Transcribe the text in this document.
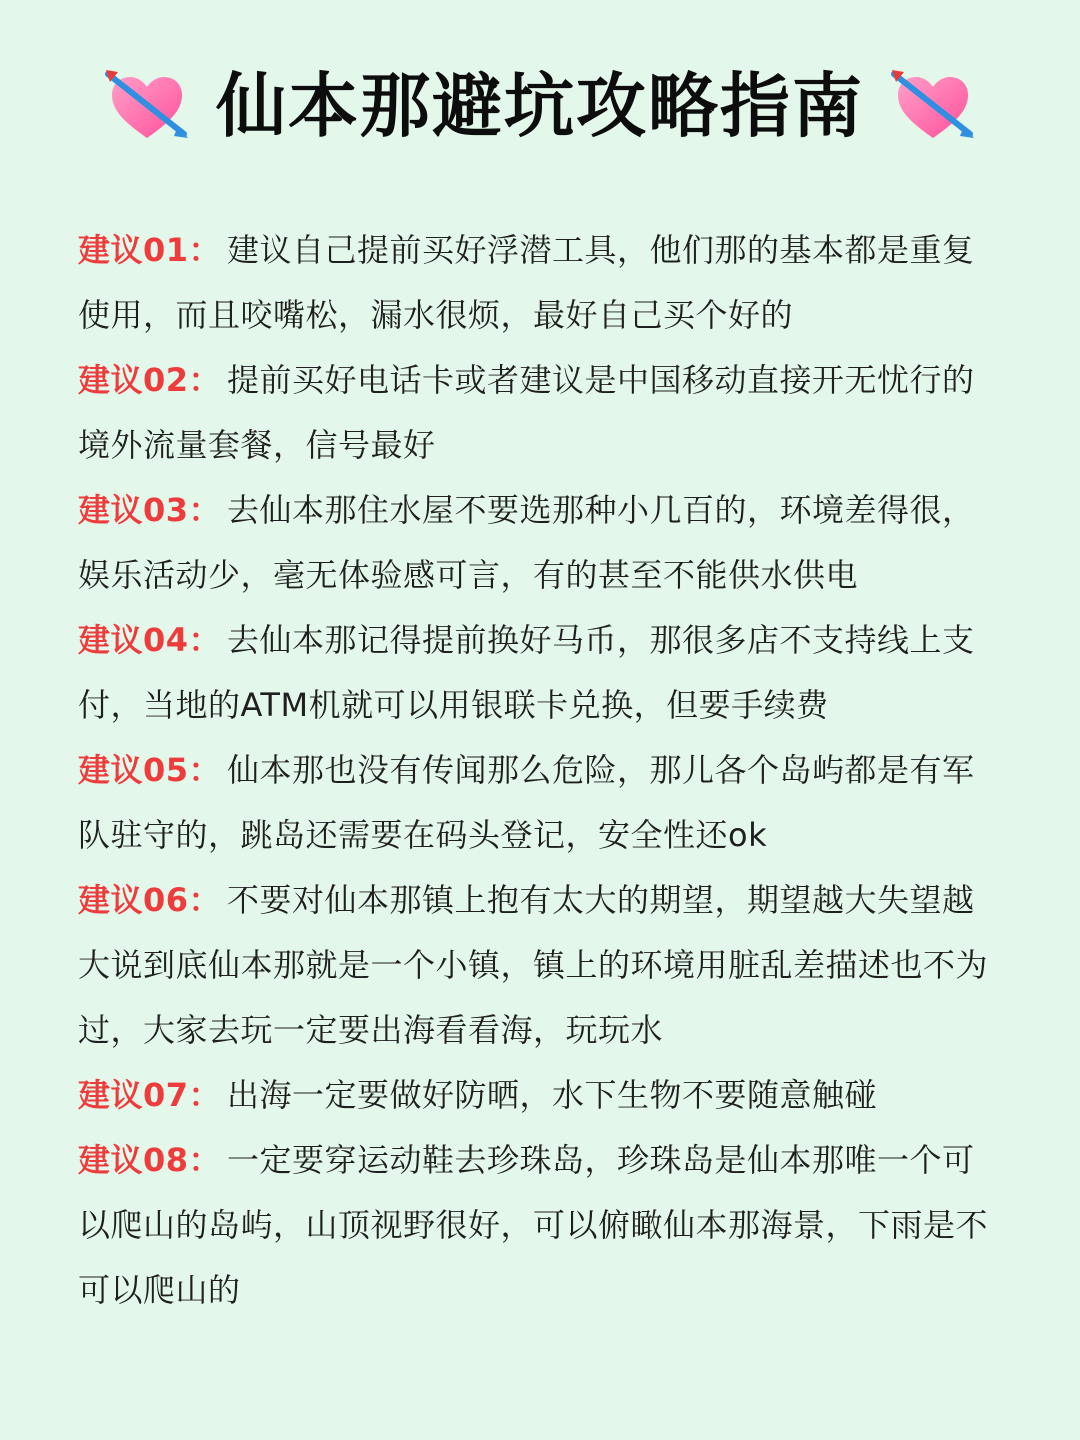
仙本那避坑攻略指南

建议01： 建议自己提前买好浮潜工具，他们那的基本都是重复使用，而且咬嘴松，漏水很烦，最好自己买个好的

建议02： 提前买好电话卡或者建议是中国移动直接开无忧行的境外流量套餐，信号最好

建议03： 去仙本那住水屋不要选那种小几百的，环境差得很，娱乐活动少，毫无体验感可言，有的甚至不能供水供电

建议04： 去仙本那记得提前换好马币，那很多店不支持线上支付，当地的ATM机就可以用银联卡兑换，但要手续费

建议05： 仙本那也没有传闻那么危险，那儿各个岛屿都是有军队驻守的，跳岛还需要在码头登记，安全性还ok

建议06： 不要对仙本那镇上抱有太大的期望，期望越大失望越大说到底仙本那就是一个小镇，镇上的环境用脏乱差描述也不为过，大家去玩一定要出海看看海，玩玩水

建议07： 出海一定要做好防晒，水下生物不要随意触碰

建议08： 一定要穿运动鞋去珍珠岛，珍珠岛是仙本那唯一个可以爬山的岛屿，山顶视野很好，可以俯瞰仙本那海景，下雨是不可以爬山的
